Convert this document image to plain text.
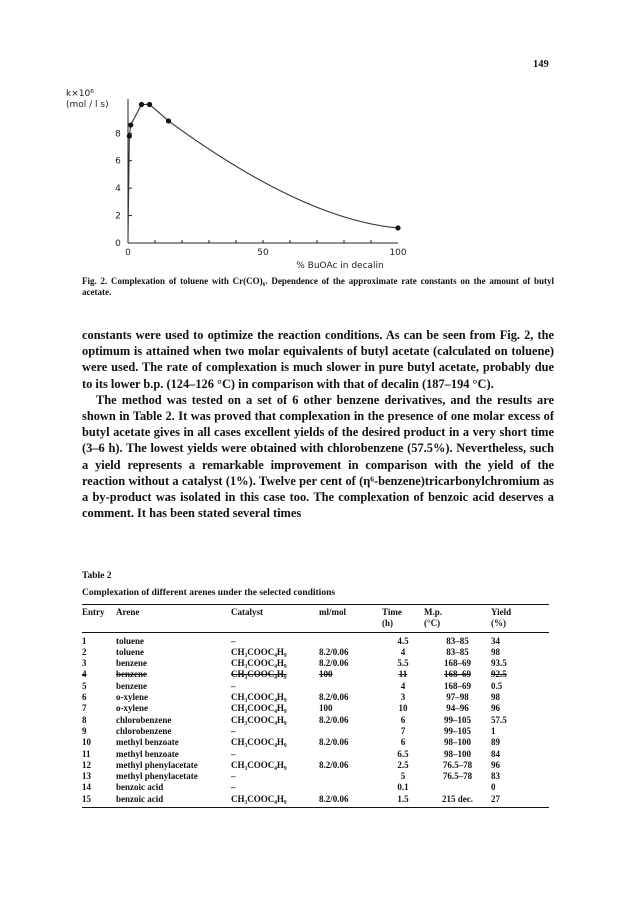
149
k×10⁶
(mol / l s)
% BuOAc in decalin
0
2
4
6
8
0	50	100
Fig. 2. Complexation of toluene with Cr(CO)₆. Dependence of the approximate rate constants on the amount of butyl acetate.

constants were used to optimize the reaction conditions. As can be seen from Fig. 2, the optimum is attained when two molar equivalents of butyl acetate (calculated on toluene) were used. The rate of complexation is much slower in pure butyl acetate, probably due to its lower b.p. (124–126 °C) in comparison with that of decalin (187–194 °C).

The method was tested on a set of 6 other benzene derivatives, and the results are shown in Table 2. It was proved that complexation in the presence of one molar excess of butyl acetate gives in all cases excellent yields of the desired product in a very short time (3–6 h). The lowest yields were obtained with chlorobenzene (57.5%). Nevertheless, such a yield represents a remarkable improvement in comparison with the yield of the reaction without a catalyst (1%). Twelve per cent of (η⁶-benzene)tricarbonylchromium as a by-product was isolated in this case too. The complexation of benzoic acid deserves a comment. It has been stated several times

Table 2
Complexation of different arenes under the selected conditions
Entry	Arene	Catalyst	ml/mol	Time	M.p.	Yield
				(h)	(°C)	(%)
1	toluene	–		4.5	83–85	34
2	toluene	CH₃COOC₄H₉	8.2/0.06	4	83–85	98
3	benzene	CH₃COOC₄H₉	8.2/0.06	5.5	168–69	93.5
4	benzene	CH₃COOC₄H₉	100	11	168–69	92.5
5	benzene	–		4	168–69	0.5
6	o-xylene	CH₃COOC₄H₉	8.2/0.06	3	97–98	98
7	o-xylene	CH₃COOC₄H₉	100	10	94–96	96
8	chlorobenzene	CH₃COOC₄H₉	8.2/0.06	6	99–105	57.5
9	chlorobenzene	–		7	99–105	1
10	methyl benzoate	CH₃COOC₄H₉	8.2/0.06	6	98–100	89
11	methyl benzoate	–		6.5	98–100	84
12	methyl phenylacetate	CH₃COOC₄H₉	8.2/0.06	2.5	76.5–78	96
13	methyl phenylacetate	–		5	76.5–78	83
14	benzoic acid	–		0.1		0
15	benzoic acid	CH₃COOC₄H₉	8.2/0.06	1.5	215 dec.	27
